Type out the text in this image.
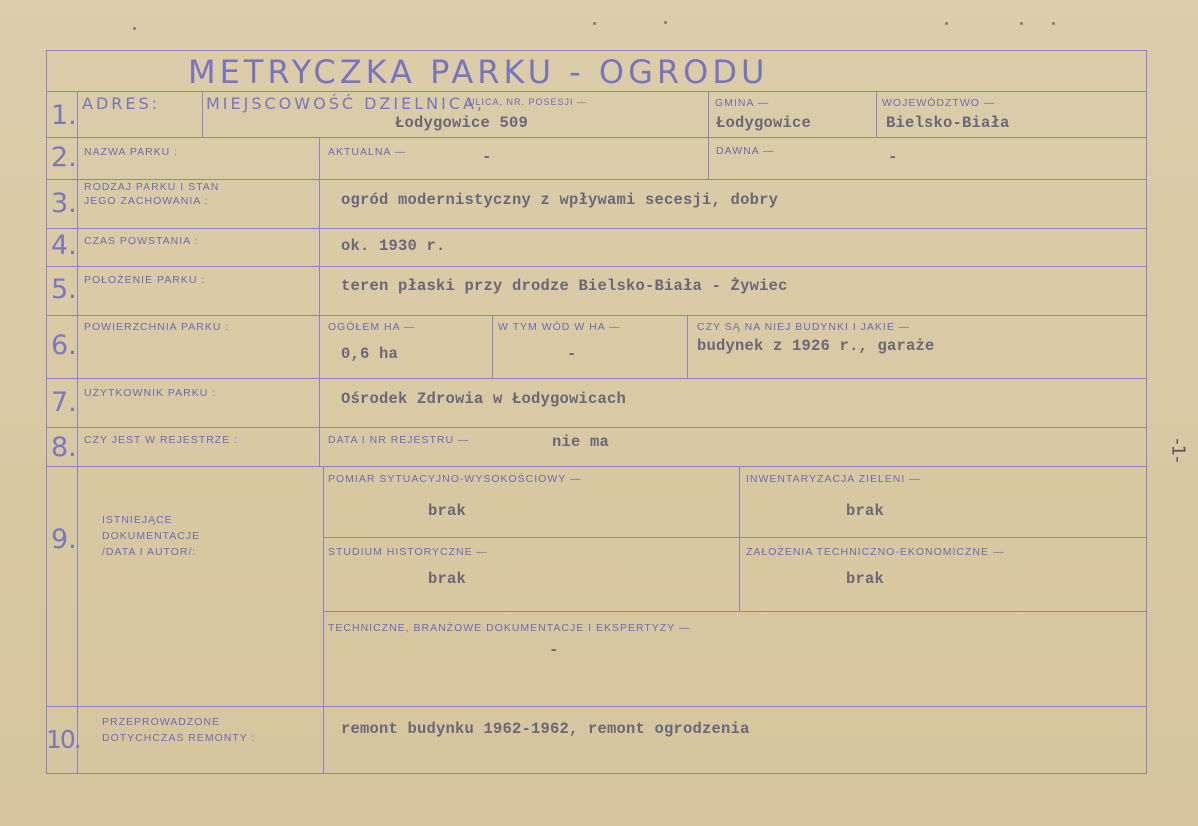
METRYCZKA PARKU - OGRODU
1. ADRES:	MIEJSCOWOŚĆ DZIELNICA,
ULICA, NR. POSESJI —
Łodygowice 509
GMINA —
Łodygowice
WOJEWÓDZTWO —
Bielsko-Biała
2. NAZWA PARKU :	AKTUALNA —	-	DAWNA —	-
3.
RODZAJ PARKU I STAN
JEGO ZACHOWANIA :	ogród modernistyczny z wpływami secesji, dobry
4. CZAS POWSTANIA :	ok. 1930 r.
5. POŁOŻENIE PARKU :	teren płaski przy drodze Bielsko-Biała - Żywiec
6.
POWIERZCHNIA PARKU :	OGÓŁEM HA —
0,6 ha
W TYM WÓD W HA —
-
CZY SĄ NA NIEJ BUDYNKI I JAKIE —
budynek z 1926 r., garaże
7. UŻYTKOWNIK PARKU :	Ośrodek Zdrowia w Łodygowicach
8. CZY JEST W REJESTRZE :	DATA I NR REJESTRU —	nie ma
9.
ISTNIEJĄCE
DOKUMENTACJE
/DATA I AUTOR/:
POMIAR SYTUACYJNO-WYSOKOŚCIOWY —
brak
INWENTARYZACJA ZIELENI —
brak
STUDIUM HISTORYCZNE —
brak
ZAŁOŻENIA TECHNICZNO-EKONOMICZNE —
brak
TECHNICZNE, BRANŻOWE DOKUMENTACJE I EKSPERTYZY —
-
10.
PRZEPROWADZONE
DOTYCHCZAS REMONTY :	remont budynku 1962-1962, remont ogrodzenia
-1-
